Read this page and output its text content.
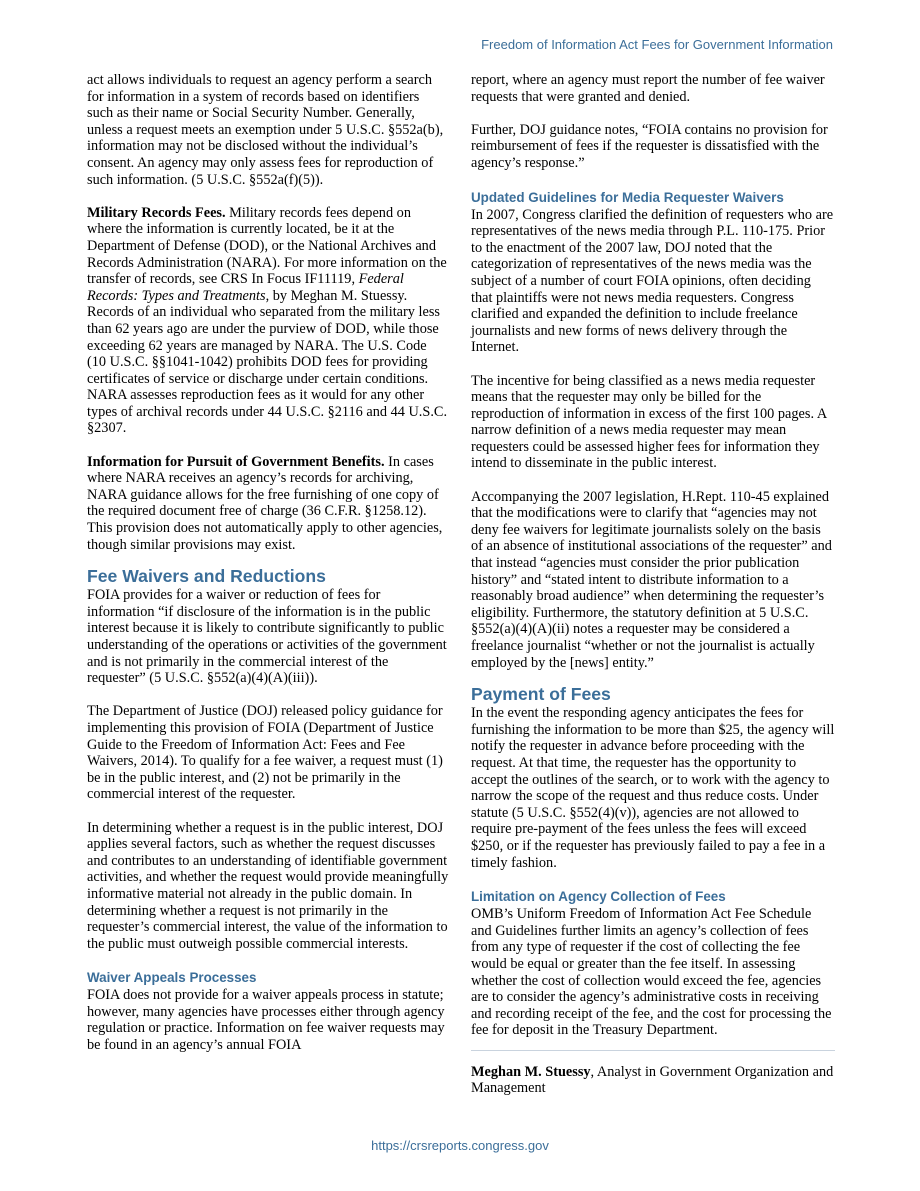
Freedom of Information Act Fees for Government Information

act allows individuals to request an agency perform a search for information in a system of records based on identifiers such as their name or Social Security Number. Generally, unless a request meets an exemption under 5 U.S.C. §552a(b), information may not be disclosed without the individual’s consent. An agency may only assess fees for reproduction of such information. (5 U.S.C. §552a(f)(5)).

Military Records Fees. Military records fees depend on where the information is currently located, be it at the Department of Defense (DOD), or the National Archives and Records Administration (NARA). For more information on the transfer of records, see CRS In Focus IF11119, Federal Records: Types and Treatments, by Meghan M. Stuessy. Records of an individual who separated from the military less than 62 years ago are under the purview of DOD, while those exceeding 62 years are managed by NARA. The U.S. Code (10 U.S.C. §§1041-1042) prohibits DOD fees for providing certificates of service or discharge under certain conditions. NARA assesses reproduction fees as it would for any other types of archival records under 44 U.S.C. §2116 and 44 U.S.C. §2307.

Information for Pursuit of Government Benefits. In cases where NARA receives an agency’s records for archiving, NARA guidance allows for the free furnishing of one copy of the required document free of charge (36 C.F.R. §1258.12). This provision does not automatically apply to other agencies, though similar provisions may exist.

Fee Waivers and Reductions

FOIA provides for a waiver or reduction of fees for information “if disclosure of the information is in the public interest because it is likely to contribute significantly to public understanding of the operations or activities of the government and is not primarily in the commercial interest of the requester” (5 U.S.C. §552(a)(4)(A)(iii)).

The Department of Justice (DOJ) released policy guidance for implementing this provision of FOIA (Department of Justice Guide to the Freedom of Information Act: Fees and Fee Waivers, 2014). To qualify for a fee waiver, a request must (1) be in the public interest, and (2) not be primarily in the commercial interest of the requester.

In determining whether a request is in the public interest, DOJ applies several factors, such as whether the request discusses and contributes to an understanding of identifiable government activities, and whether the request would provide meaningfully informative material not already in the public domain. In determining whether a request is not primarily in the requester’s commercial interest, the value of the information to the public must outweigh possible commercial interests.

Waiver Appeals Processes

FOIA does not provide for a waiver appeals process in statute; however, many agencies have processes either through agency regulation or practice. Information on fee waiver requests may be found in an agency’s annual FOIA

report, where an agency must report the number of fee waiver requests that were granted and denied.

Further, DOJ guidance notes, “FOIA contains no provision for reimbursement of fees if the requester is dissatisfied with the agency’s response.”

Updated Guidelines for Media Requester Waivers

In 2007, Congress clarified the definition of requesters who are representatives of the news media through P.L. 110-175. Prior to the enactment of the 2007 law, DOJ noted that the categorization of representatives of the news media was the subject of a number of court FOIA opinions, often deciding that plaintiffs were not news media requesters. Congress clarified and expanded the definition to include freelance journalists and new forms of news delivery through the Internet.

The incentive for being classified as a news media requester means that the requester may only be billed for the reproduction of information in excess of the first 100 pages. A narrow definition of a news media requester may mean requesters could be assessed higher fees for information they intend to disseminate in the public interest.

Accompanying the 2007 legislation, H.Rept. 110-45 explained that the modifications were to clarify that “agencies may not deny fee waivers for legitimate journalists solely on the basis of an absence of institutional associations of the requester” and that instead “agencies must consider the prior publication history” and “stated intent to distribute information to a reasonably broad audience” when determining the requester’s eligibility. Furthermore, the statutory definition at 5 U.S.C. §552(a)(4)(A)(ii) notes a requester may be considered a freelance journalist “whether or not the journalist is actually employed by the [news] entity.”

Payment of Fees

In the event the responding agency anticipates the fees for furnishing the information to be more than $25, the agency will notify the requester in advance before proceeding with the request. At that time, the requester has the opportunity to accept the outlines of the search, or to work with the agency to narrow the scope of the request and thus reduce costs. Under statute (5 U.S.C. §552(4)(v)), agencies are not allowed to require pre-payment of the fees unless the fees will exceed $250, or if the requester has previously failed to pay a fee in a timely fashion.

Limitation on Agency Collection of Fees

OMB’s Uniform Freedom of Information Act Fee Schedule and Guidelines further limits an agency’s collection of fees from any type of requester if the cost of collecting the fee would be equal or greater than the fee itself. In assessing whether the cost of collection would exceed the fee, agencies are to consider the agency’s administrative costs in receiving and recording receipt of the fee, and the cost for processing the fee for deposit in the Treasury Department.

Meghan M. Stuessy, Analyst in Government Organization and Management

https://crsreports.congress.gov
